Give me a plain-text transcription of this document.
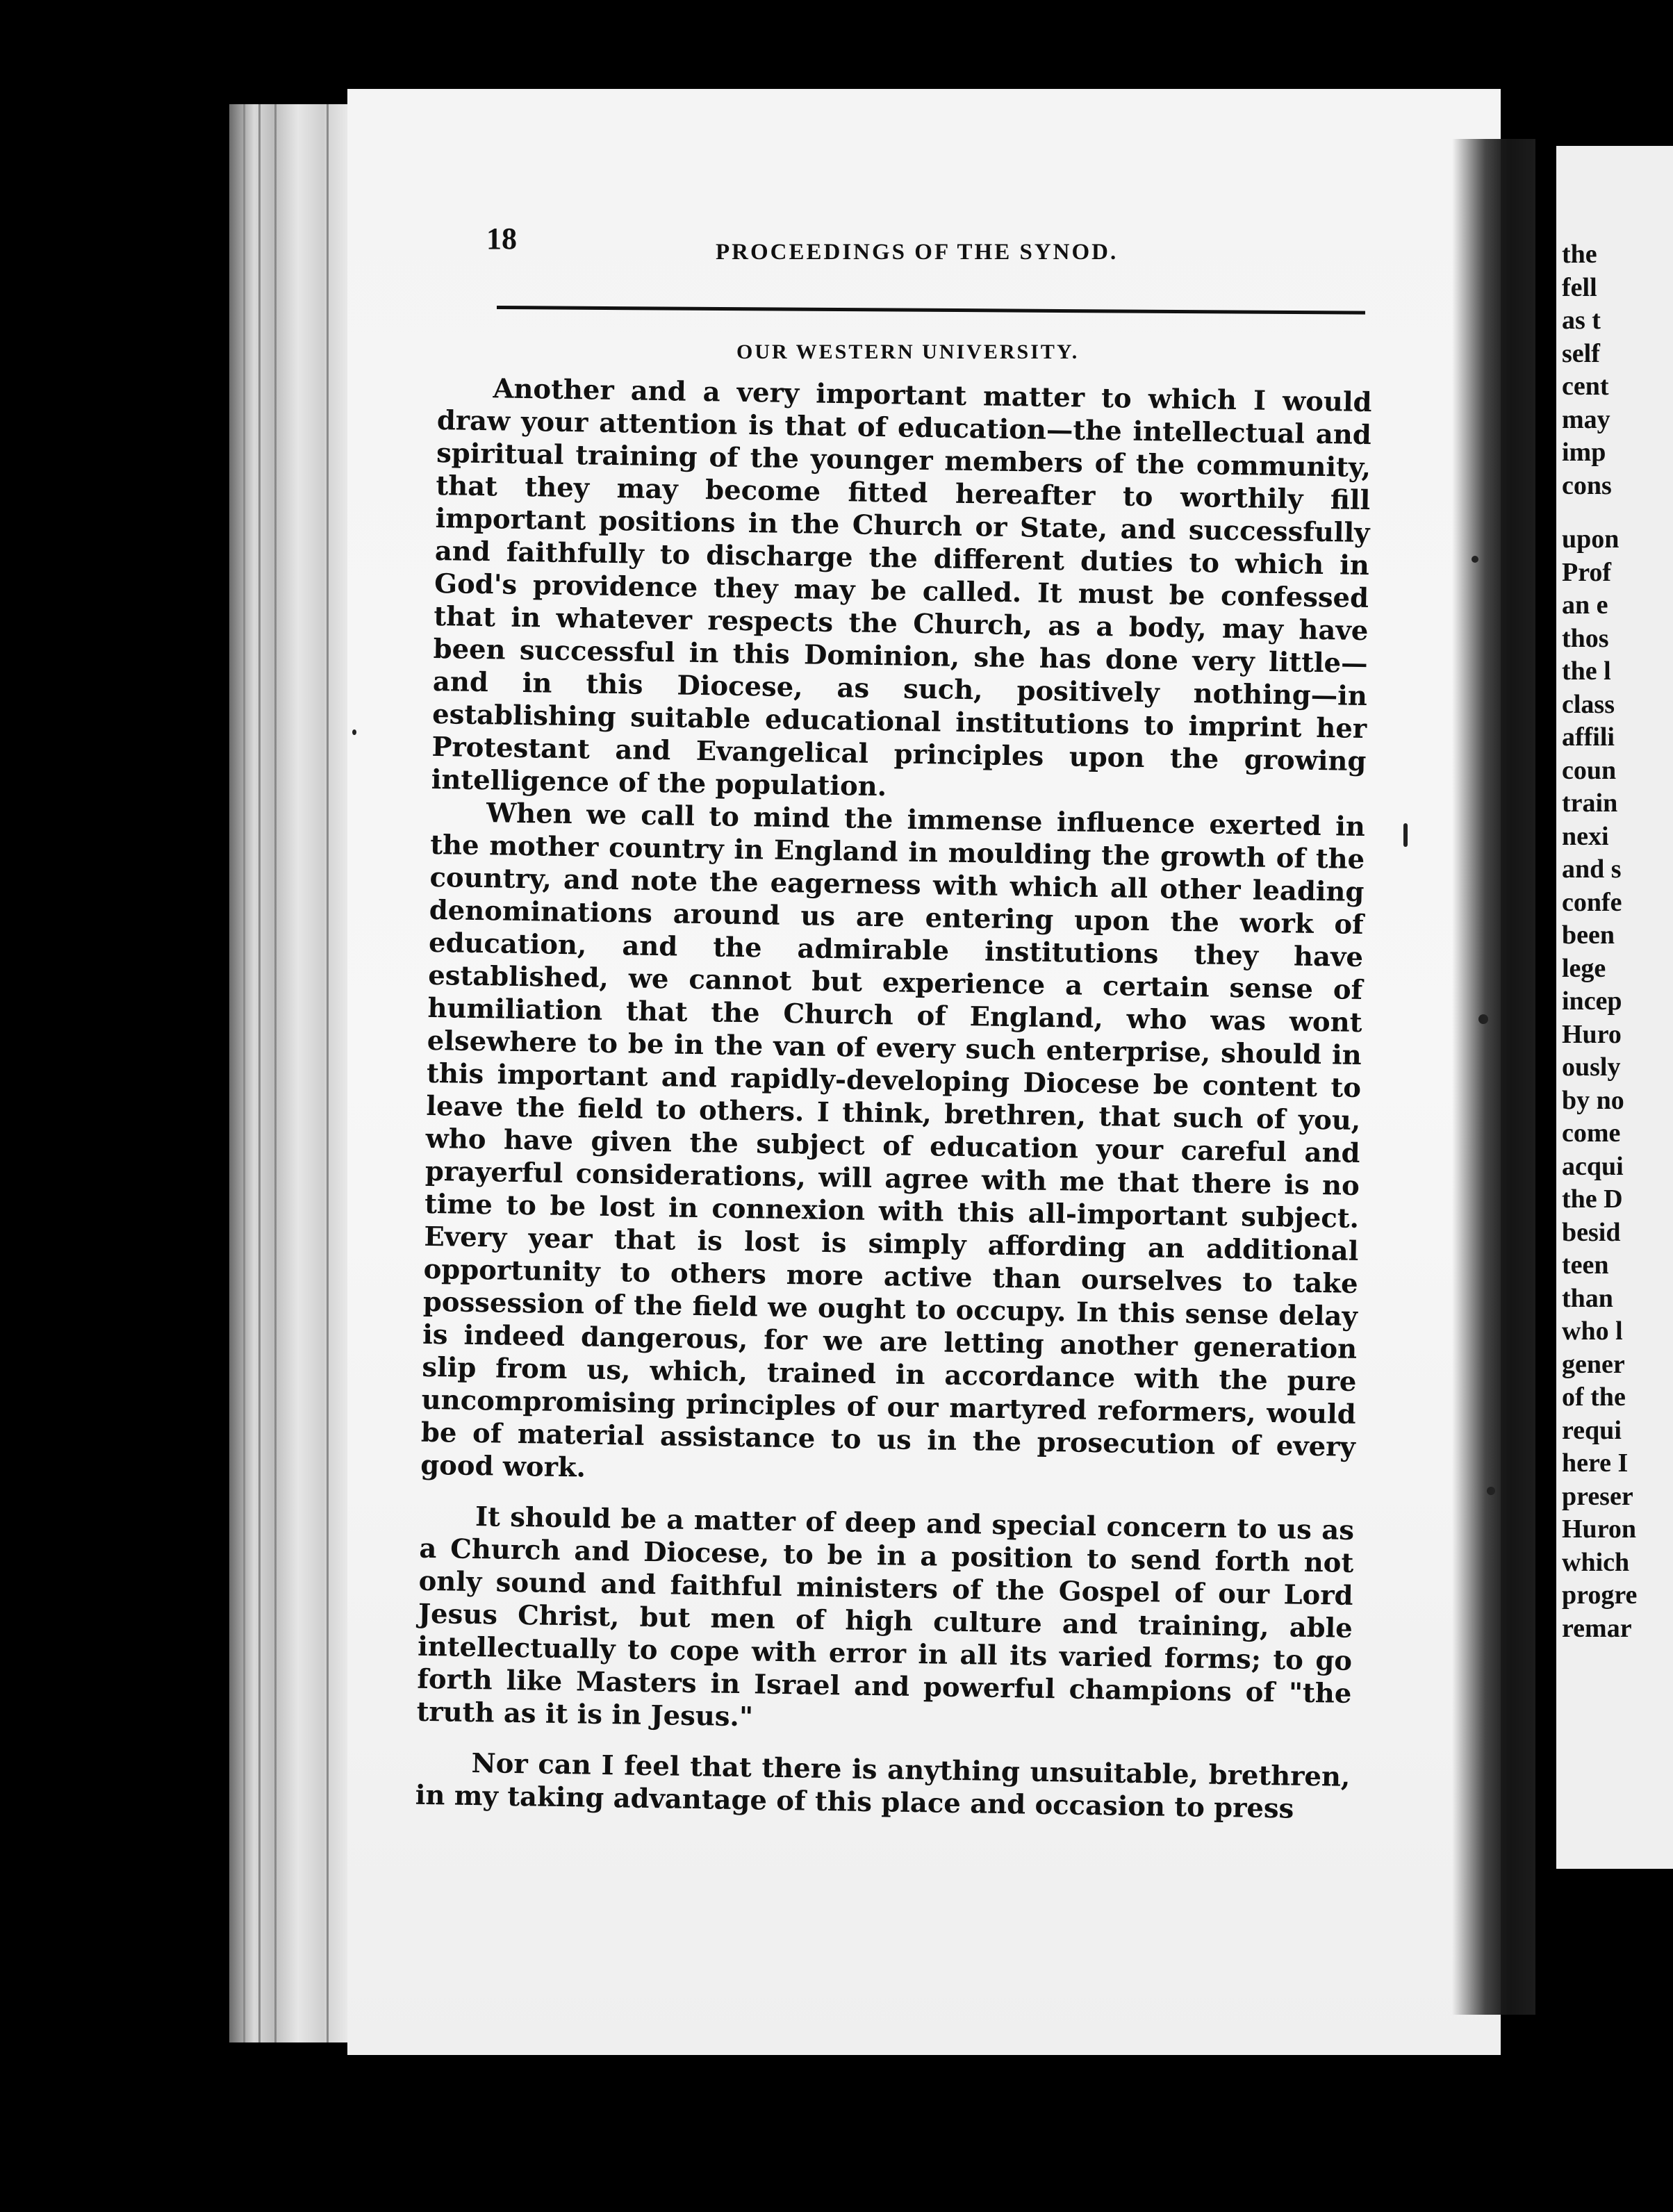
18	PROCEEDINGS OF THE SYNOD.
OUR WESTERN UNIVERSITY.

Another and a very important matter to which I would draw your attention is that of education—the intellectual and spiritual training of the younger members of the community, that they may become fitted hereafter to worthily fill important positions in the Church or State, and successfully and faithfully to discharge the different duties to which in God's providence they may be called. It must be confessed that in whatever respects the Church, as a body, may have been successful in this Dominion, she has done very little—and in this Diocese, as such, positively nothing—in establishing suitable educational institutions to imprint her Protestant and Evangelical principles upon the growing intelligence of the population.

When we call to mind the immense influence exerted in the mother country in England in moulding the growth of the country, and note the eagerness with which all other leading denominations around us are entering upon the work of education, and the admirable institutions they have established, we cannot but experience a certain sense of humiliation that the Church of England, who was wont elsewhere to be in the van of every such enterprise, should in this important and rapidly-developing Diocese be content to leave the field to others. I think, brethren, that such of you, who have given the subject of education your careful and prayerful considerations, will agree with me that there is no time to be lost in connexion with this all-important subject. Every year that is lost is simply affording an additional opportunity to others more active than ourselves to take possession of the field we ought to occupy. In this sense delay is indeed dangerous, for we are letting another generation slip from us, which, trained in accordance with the pure uncompromising principles of our martyred reformers, would be of material assistance to us in the prosecution of every good work.

It should be a matter of deep and special concern to us as a Church and Diocese, to be in a position to send forth not only sound and faithful ministers of the Gospel of our Lord Jesus Christ, but men of high culture and training, able intellectually to cope with error in all its varied forms; to go forth like Masters in Israel and powerful champions of "the truth as it is in Jesus."

Nor can I feel that there is anything unsuitable, brethren, in my taking advantage of this place and occasion to press

the
fell
as t
self
cent
may
imp
cons
upon
Prof
an e
thos
the l
class
affili
coun
train
nexi
and s
confe
been
lege
incep
Huro
ously
by no
come
acqui
the D
besid
teen
than
who l
gener
of the
requi
here I
preser
Huron
which
progre
remar
